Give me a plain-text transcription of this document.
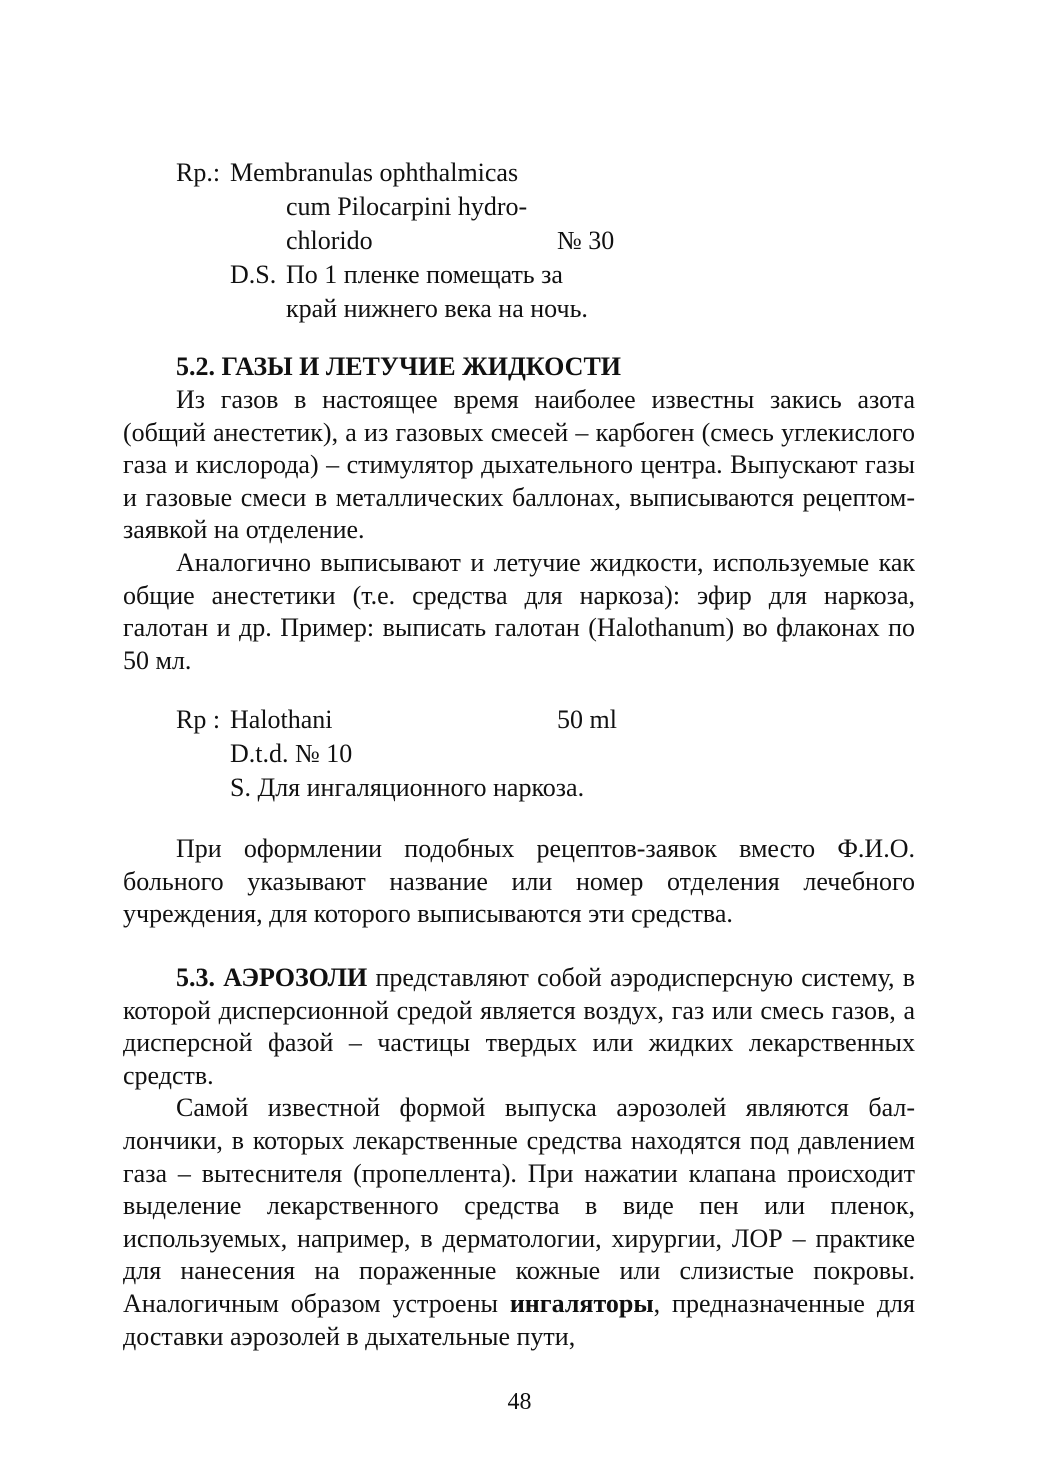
Rp.: Membranulas ophthalmicas
cum Pilocarpini hydro-
chlorido	№ 30
D.S. По 1 пленке помещать за
край нижнего века на ночь.
5.2. ГАЗЫ И ЛЕТУЧИЕ ЖИДКОСТИ

Из газов в настоящее время наиболее известны закись азота (общий анестетик), а из газовых смесей – карбоген (смесь углекислого газа и кислорода) – стимулятор дыхательного центра. Выпускают газы и газовые смеси в металлических баллонах, выписываются рецептом-заявкой на отделение.

Аналогично выписывают и летучие жидкости, используемые как общие анестетики (т.е. средства для наркоза): эфир для наркоза, галотан и др. Пример: выписать галотан (Halothanum) во флаконах по 50 мл.

Rp : Halothani	50 ml
D.t.d. № 10
S. Для ингаляционного наркоза.

При оформлении подобных рецептов-заявок вместо Ф.И.О. больного указывают название или номер отделения лечебного учреждения, для которого выписываются эти средства.

5.3. АЭРОЗОЛИ представляют собой аэродисперсную систему, в которой дисперсионной средой является воздух, газ или смесь газов, а дисперсной фазой – частицы твердых или жидких лекарственных средств.

Самой известной формой выпуска аэрозолей являются баллончики, в которых лекарственные средства находятся под давлением газа – вытеснителя (пропеллента). При нажатии клапана происходит выделение лекарственного средства в виде пен или пленок, используемых, например, в дерматологии, хирургии, ЛОР – практике для нанесения на пораженные кожные или слизистые покровы. Аналогичным образом устроены ингаляторы, предназначенные для доставки аэрозолей в дыхательные пути,

48
